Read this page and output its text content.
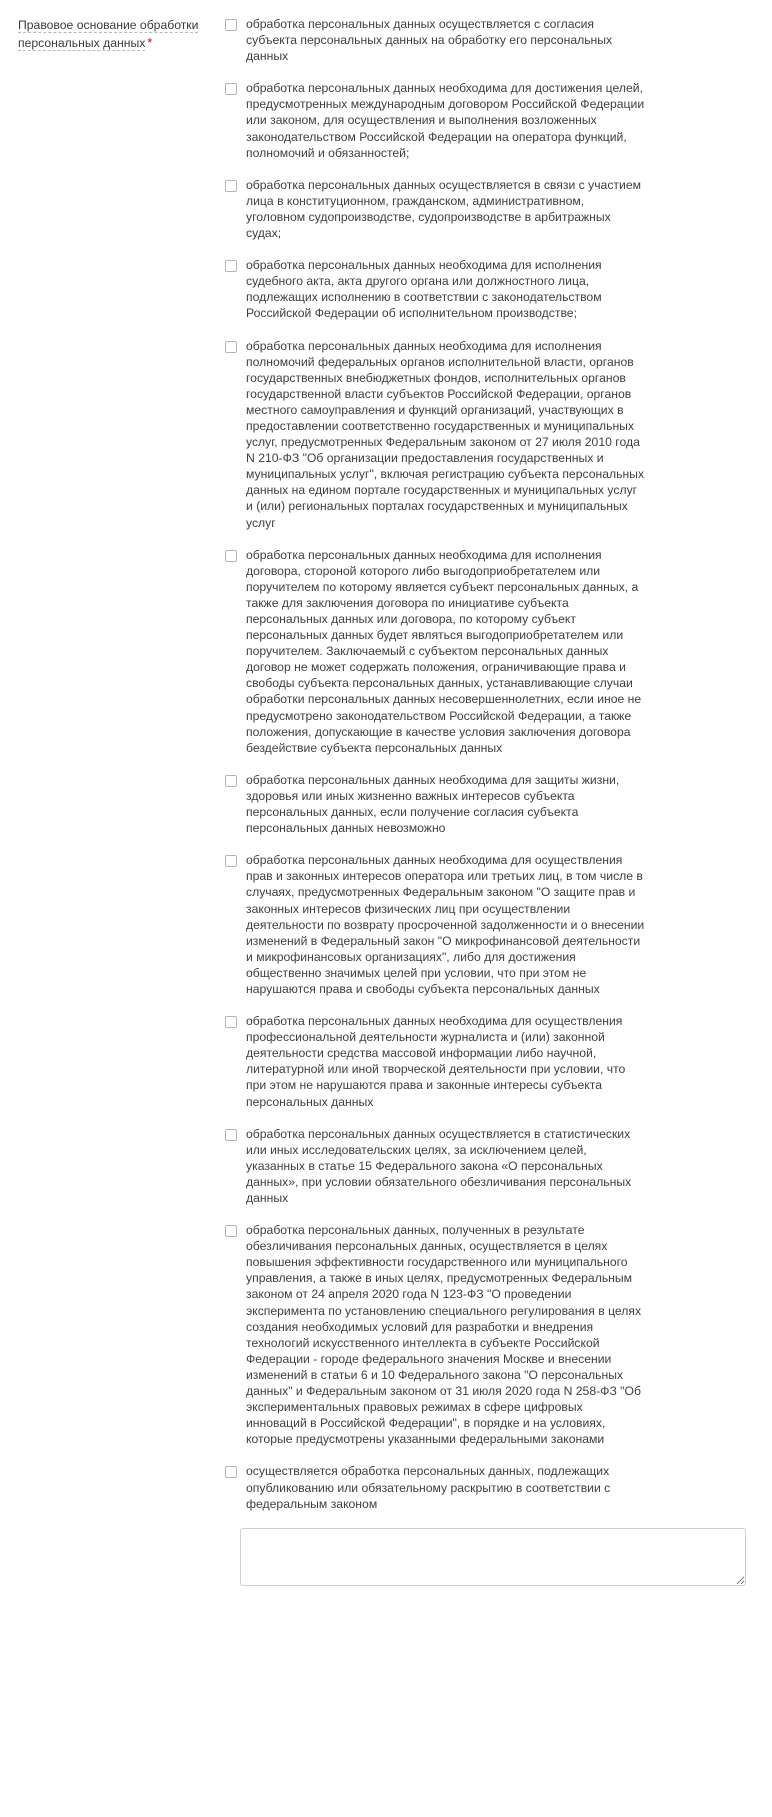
Правовое основание обработки персональных данных *
обработка персональных данных осуществляется с согласия субъекта персональных данных на обработку его персональных данных
обработка персональных данных необходима для достижения целей, предусмотренных международным договором Российской Федерации или законом, для осуществления и выполнения возложенных законодательством Российской Федерации на оператора функций, полномочий и обязанностей;
обработка персональных данных осуществляется в связи с участием лица в конституционном, гражданском, административном, уголовном судопроизводстве, судопроизводстве в арбитражных судах;
обработка персональных данных необходима для исполнения судебного акта, акта другого органа или должностного лица, подлежащих исполнению в соответствии с законодательством Российской Федерации об исполнительном производстве;
обработка персональных данных необходима для исполнения полномочий федеральных органов исполнительной власти, органов государственных внебюджетных фондов, исполнительных органов государственной власти субъектов Российской Федерации, органов местного самоуправления и функций организаций, участвующих в предоставлении соответственно государственных и муниципальных услуг, предусмотренных Федеральным законом от 27 июля 2010 года N 210-ФЗ "Об организации предоставления государственных и муниципальных услуг", включая регистрацию субъекта персональных данных на едином портале государственных и муниципальных услуг и (или) региональных порталах государственных и муниципальных услуг
обработка персональных данных необходима для исполнения договора, стороной которого либо выгодоприобретателем или поручителем по которому является субъект персональных данных, а также для заключения договора по инициативе субъекта персональных данных или договора, по которому субъект персональных данных будет являться выгодоприобретателем или поручителем. Заключаемый с субъектом персональных данных договор не может содержать положения, ограничивающие права и свободы субъекта персональных данных, устанавливающие случаи обработки персональных данных несовершеннолетних, если иное не предусмотрено законодательством Российской Федерации, а также положения, допускающие в качестве условия заключения договора бездействие субъекта персональных данных
обработка персональных данных необходима для защиты жизни, здоровья или иных жизненно важных интересов субъекта персональных данных, если получение согласия субъекта персональных данных невозможно
обработка персональных данных необходима для осуществления прав и законных интересов оператора или третьих лиц, в том числе в случаях, предусмотренных Федеральным законом "О защите прав и законных интересов физических лиц при осуществлении деятельности по возврату просроченной задолженности и о внесении изменений в Федеральный закон "О микрофинансовой деятельности и микрофинансовых организациях", либо для достижения общественно значимых целей при условии, что при этом не нарушаются права и свободы субъекта персональных данных
обработка персональных данных необходима для осуществления профессиональной деятельности журналиста и (или) законной деятельности средства массовой информации либо научной, литературной или иной творческой деятельности при условии, что при этом не нарушаются права и законные интересы субъекта персональных данных
обработка персональных данных осуществляется в статистических или иных исследовательских целях, за исключением целей, указанных в статье 15 Федерального закона «О персональных данных», при условии обязательного обезличивания персональных данных
обработка персональных данных, полученных в результате обезличивания персональных данных, осуществляется в целях повышения эффективности государственного или муниципального управления, а также в иных целях, предусмотренных Федеральным законом от 24 апреля 2020 года N 123-ФЗ "О проведении эксперимента по установлению специального регулирования в целях создания необходимых условий для разработки и внедрения технологий искусственного интеллекта в субъекте Российской Федерации - городе федерального значения Москве и внесении изменений в статьи 6 и 10 Федерального закона "О персональных данных" и Федеральным законом от 31 июля 2020 года N 258-ФЗ "Об экспериментальных правовых режимах в сфере цифровых инноваций в Российской Федерации", в порядке и на условиях, которые предусмотрены указанными федеральными законами
осуществляется обработка персональных данных, подлежащих опубликованию или обязательному раскрытию в соответствии с федеральным законом
